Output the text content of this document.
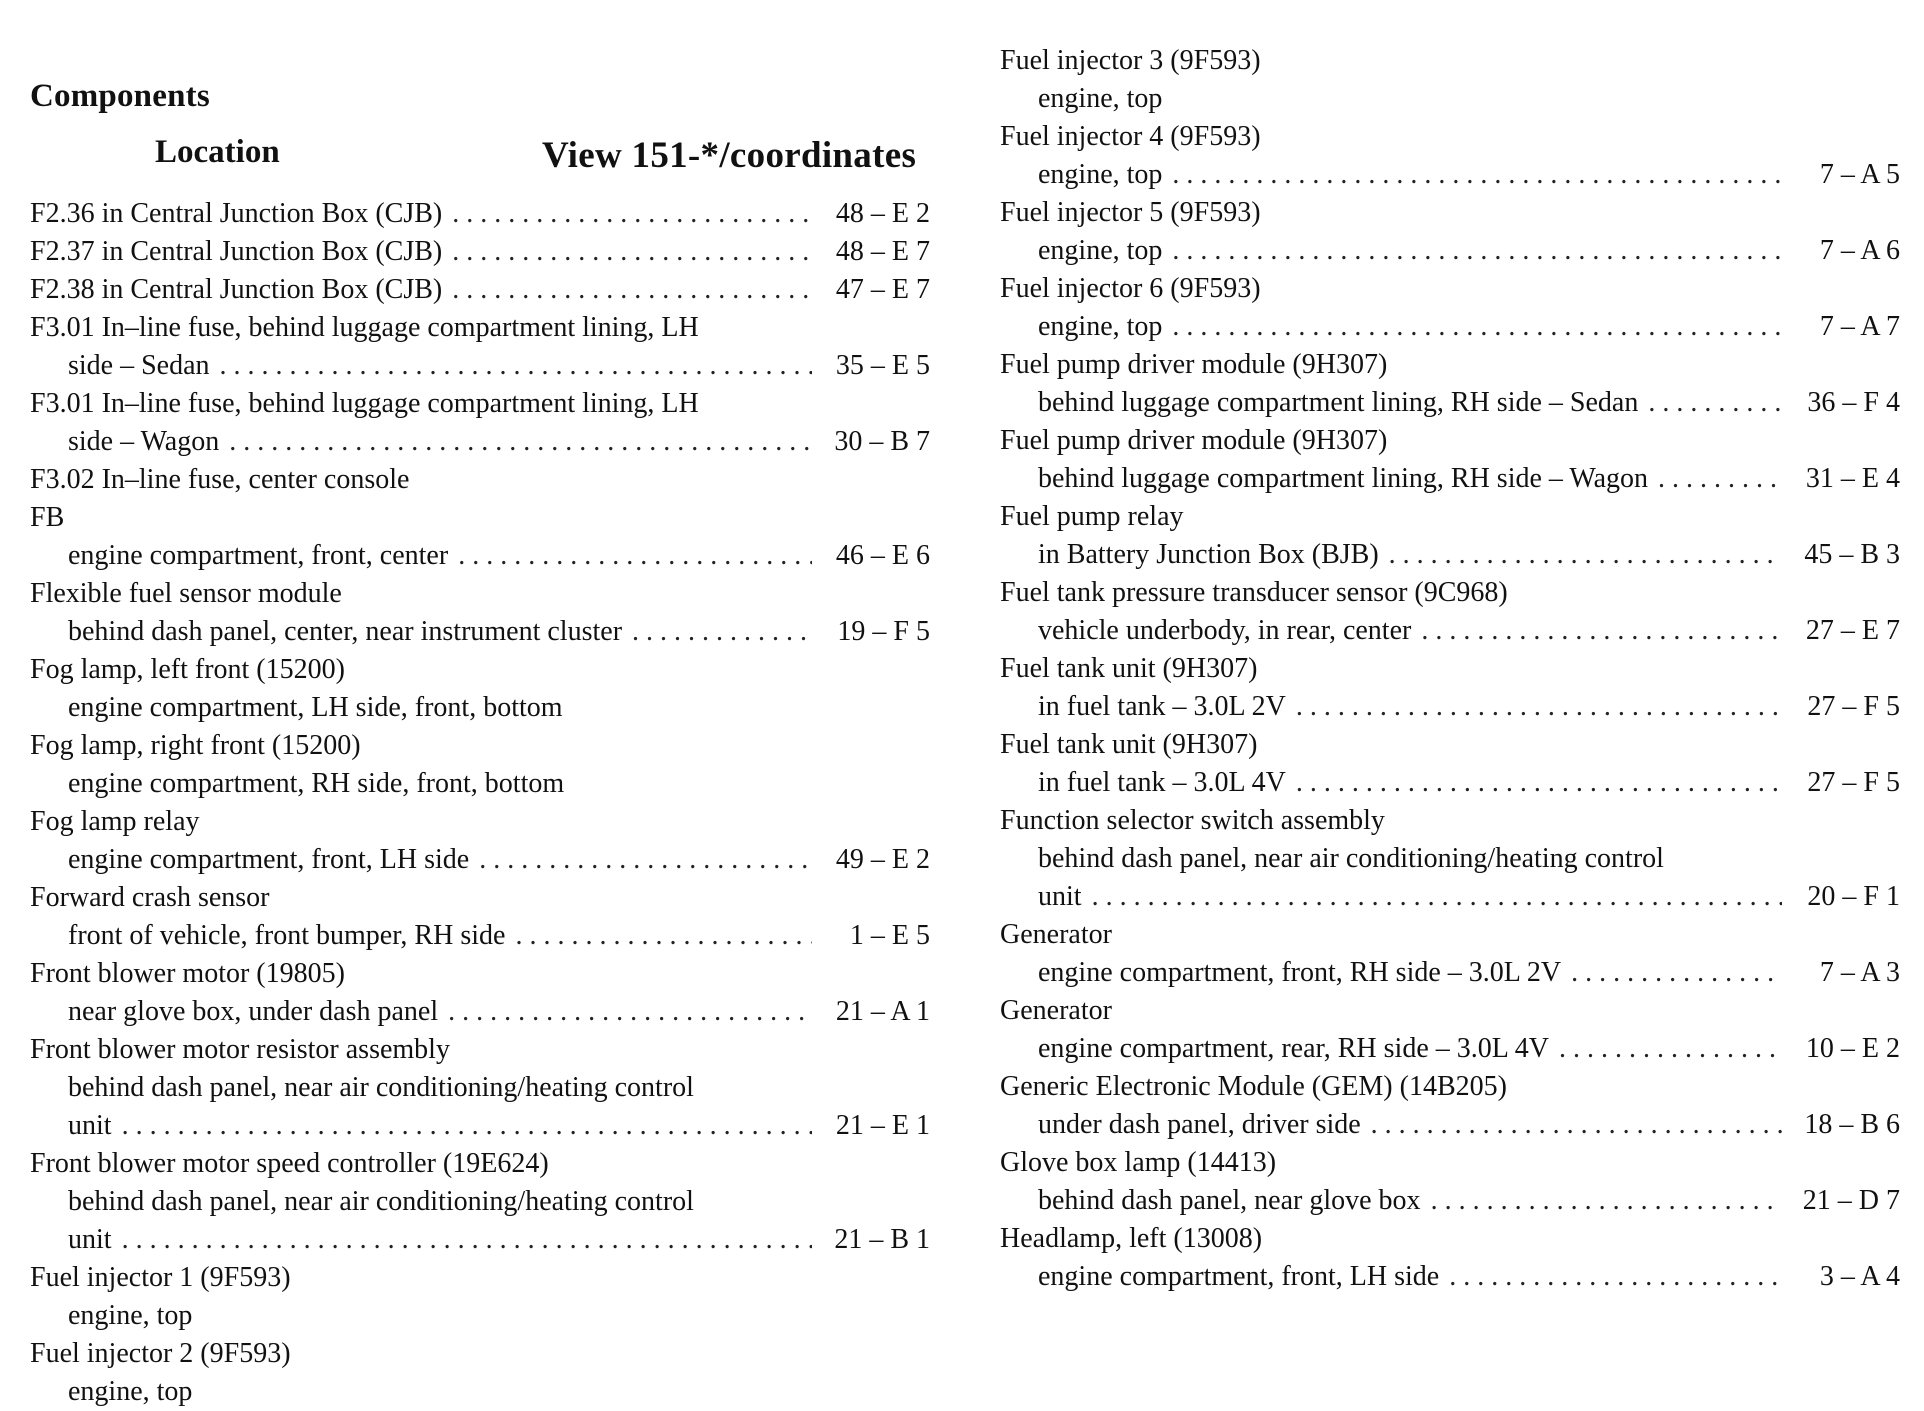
Components
Location	View 151-*/coordinates
F2.36 in Central Junction Box (CJB) . . .	48 – E 2
F2.37 in Central Junction Box (CJB) . . .	48 – E 7
F2.38 in Central Junction Box (CJB) . . .	47 – E 7
F3.01 In–line fuse, behind luggage compartment lining, LH
side – Sedan . . .	35 – E 5
F3.01 In–line fuse, behind luggage compartment lining, LH
side – Wagon . . .	30 – B 7
F3.02 In–line fuse, center console
FB
engine compartment, front, center . . .	46 – E 6
Flexible fuel sensor module
behind dash panel, center, near instrument cluster . . .	19 – F 5
Fog lamp, left front (15200)
engine compartment, LH side, front, bottom
Fog lamp, right front (15200)
engine compartment, RH side, front, bottom
Fog lamp relay
engine compartment, front, LH side . . .	49 – E 2
Forward crash sensor
front of vehicle, front bumper, RH side . . .	1 – E 5
Front blower motor (19805)
near glove box, under dash panel . . .	21 – A 1
Front blower motor resistor assembly
behind dash panel, near air conditioning/heating control
unit . . .	21 – E 1
Front blower motor speed controller (19E624)
behind dash panel, near air conditioning/heating control
unit . . .	21 – B 1
Fuel injector 1 (9F593)
engine, top
Fuel injector 2 (9F593)
engine, top
Fuel injector 3 (9F593)
engine, top
Fuel injector 4 (9F593)
engine, top . . .	7 – A 5
Fuel injector 5 (9F593)
engine, top . . .	7 – A 6
Fuel injector 6 (9F593)
engine, top . . .	7 – A 7
Fuel pump driver module (9H307)
behind luggage compartment lining, RH side – Sedan . . .	36 – F 4
Fuel pump driver module (9H307)
behind luggage compartment lining, RH side – Wagon . . .	31 – E 4
Fuel pump relay
in Battery Junction Box (BJB) . . .	45 – B 3
Fuel tank pressure transducer sensor (9C968)
vehicle underbody, in rear, center . . .	27 – E 7
Fuel tank unit (9H307)
in fuel tank – 3.0L 2V . . .	27 – F 5
Fuel tank unit (9H307)
in fuel tank – 3.0L 4V . . .	27 – F 5
Function selector switch assembly
behind dash panel, near air conditioning/heating control
unit . . .	20 – F 1
Generator
engine compartment, front, RH side – 3.0L 2V . . .	7 – A 3
Generator
engine compartment, rear, RH side – 3.0L 4V . . .	10 – E 2
Generic Electronic Module (GEM) (14B205)
under dash panel, driver side . . .	18 – B 6
Glove box lamp (14413)
behind dash panel, near glove box . . .	21 – D 7
Headlamp, left (13008)
engine compartment, front, LH side . . .	3 – A 4
